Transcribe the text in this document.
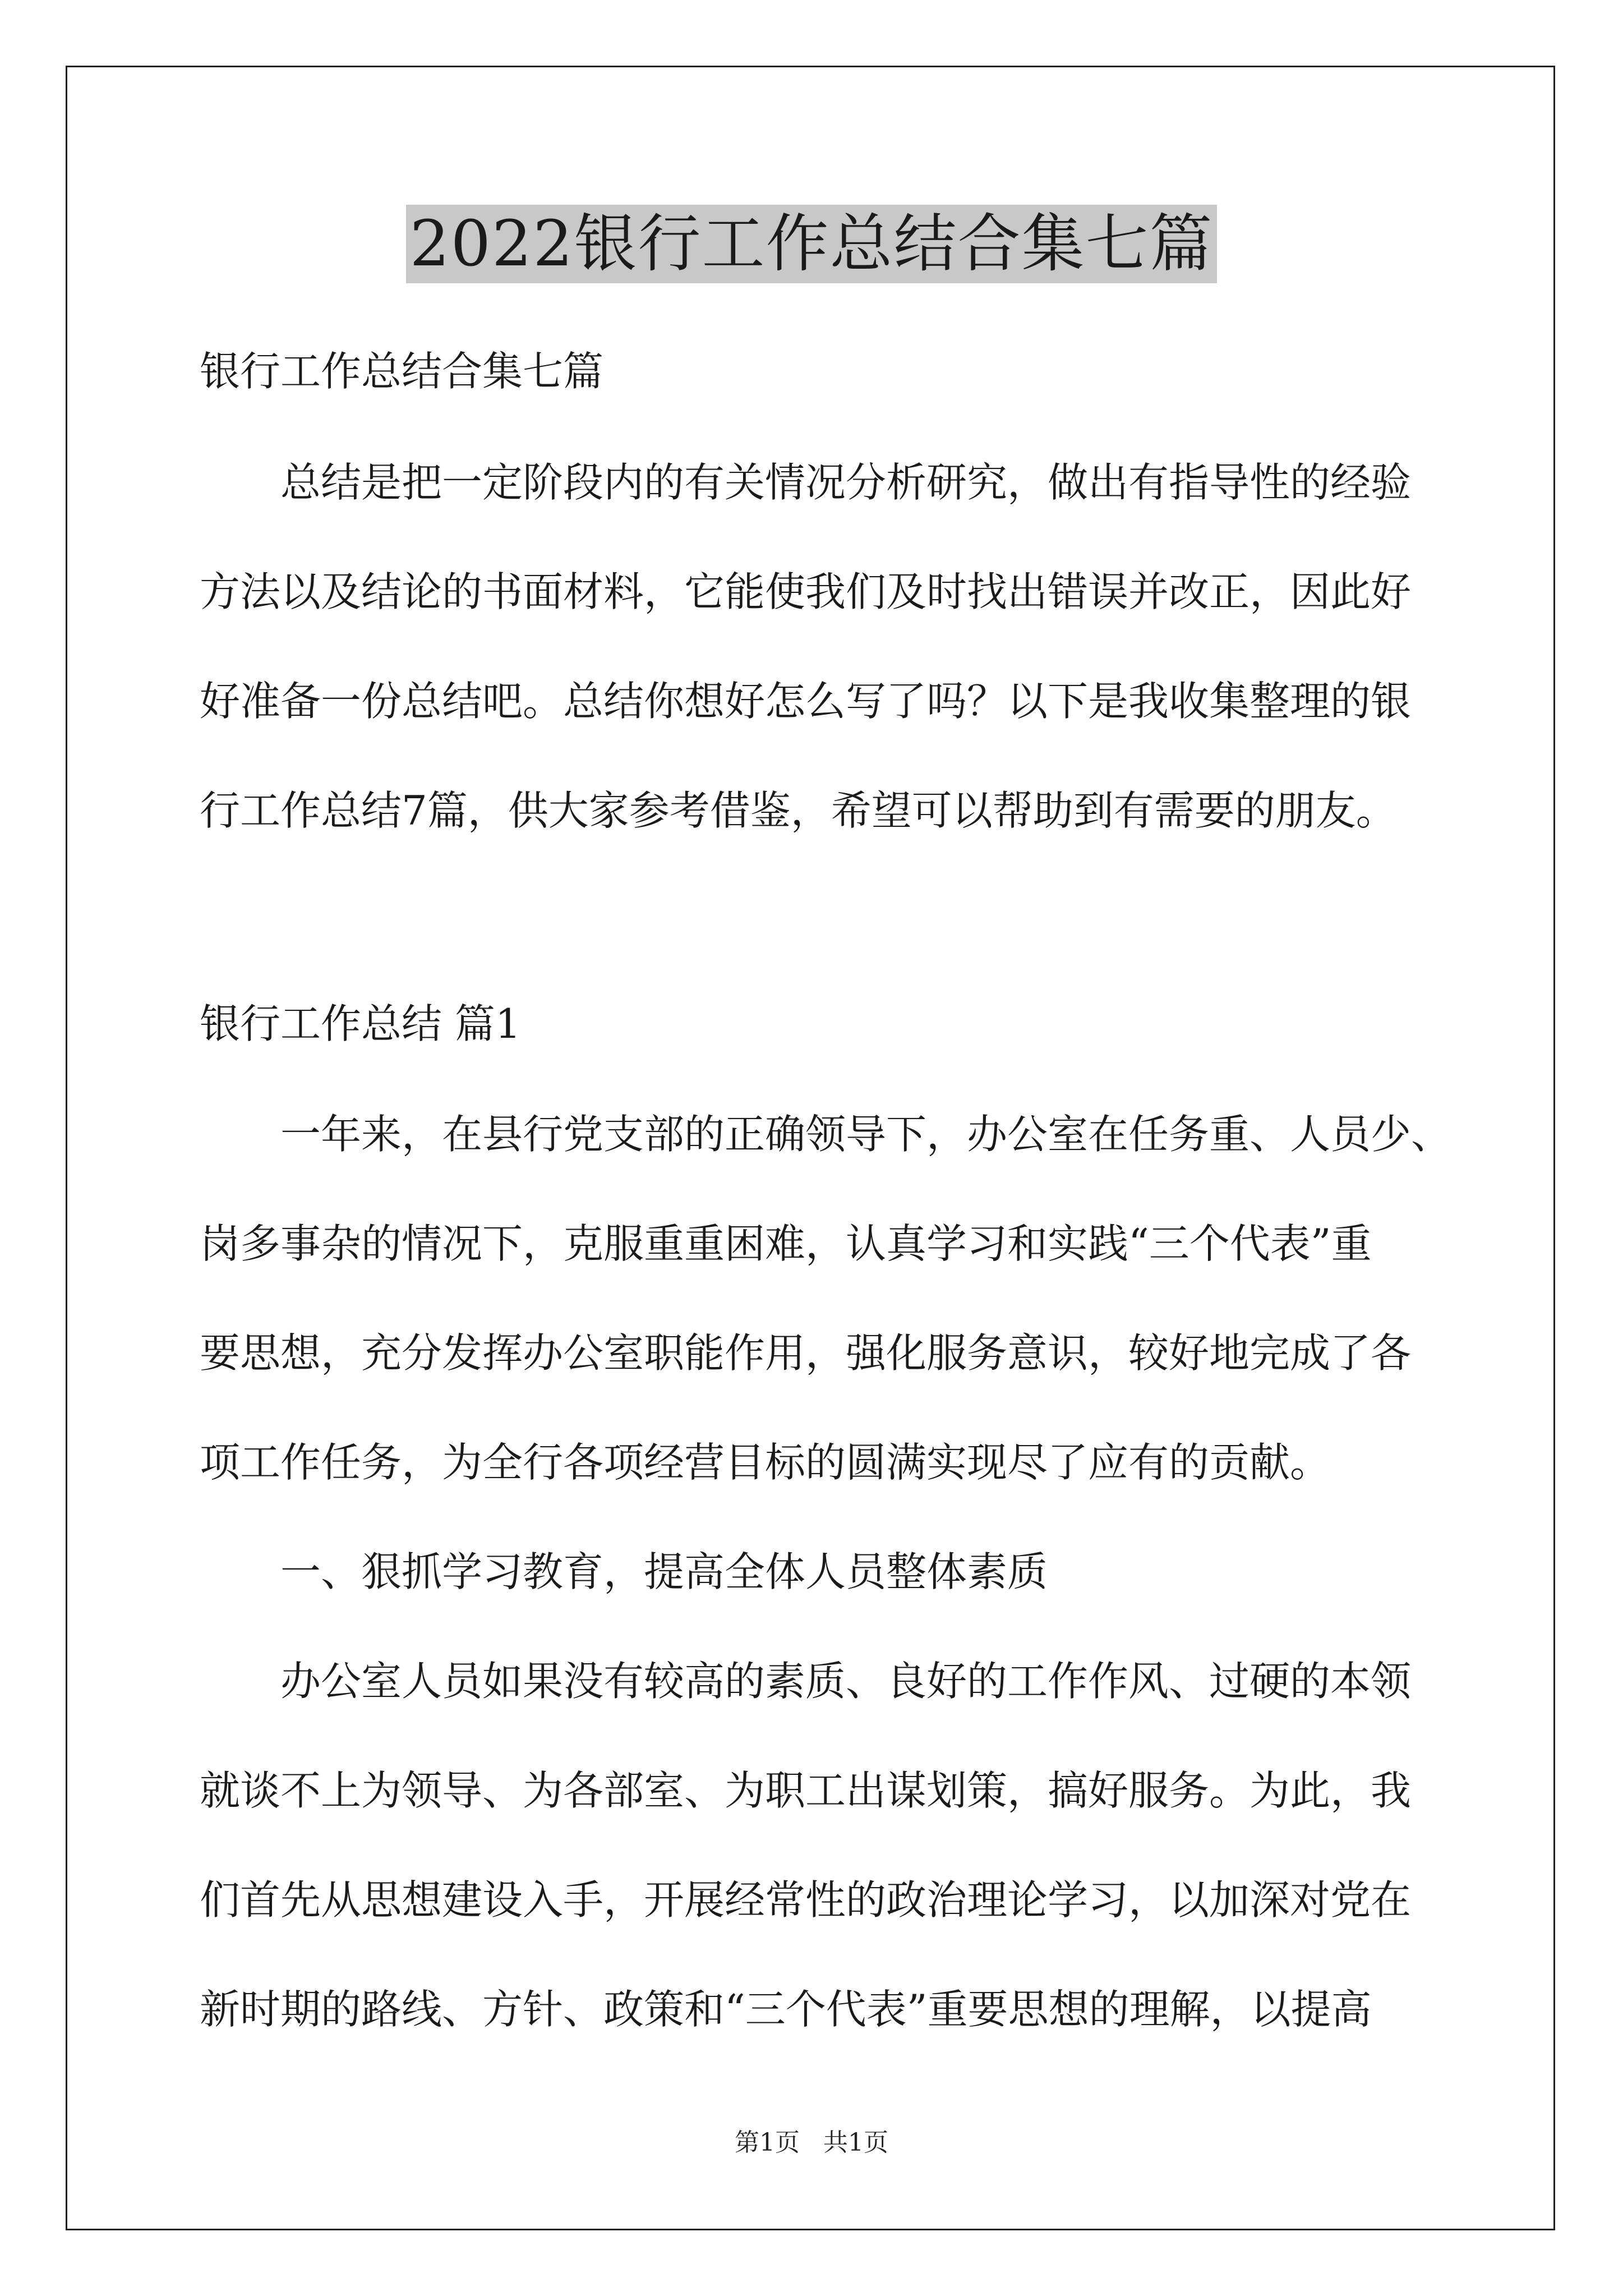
2022银行工作总结合集七篇
银行工作总结合集七篇
总结是把一定阶段内的有关情况分析研究，做出有指导性的经验
方法以及结论的书面材料，它能使我们及时找出错误并改正，因此好
好准备一份总结吧。总结你想好怎么写了吗？以下是我收集整理的银
行工作总结7篇，供大家参考借鉴，希望可以帮助到有需要的朋友。
银行工作总结 篇1
一年来，在县行党支部的正确领导下，办公室在任务重、人员少、
岗多事杂的情况下，克服重重困难，认真学习和实践“三个代表”重
要思想，充分发挥办公室职能作用，强化服务意识，较好地完成了各
项工作任务，为全行各项经营目标的圆满实现尽了应有的贡献。
一、狠抓学习教育，提高全体人员整体素质
办公室人员如果没有较高的素质、良好的工作作风、过硬的本领
就谈不上为领导、为各部室、为职工出谋划策，搞好服务。为此，我
们首先从思想建设入手，开展经常性的政治理论学习，以加深对党在
新时期的路线、方针、政策和“三个代表”重要思想的理解，以提高
第1页 共1页
